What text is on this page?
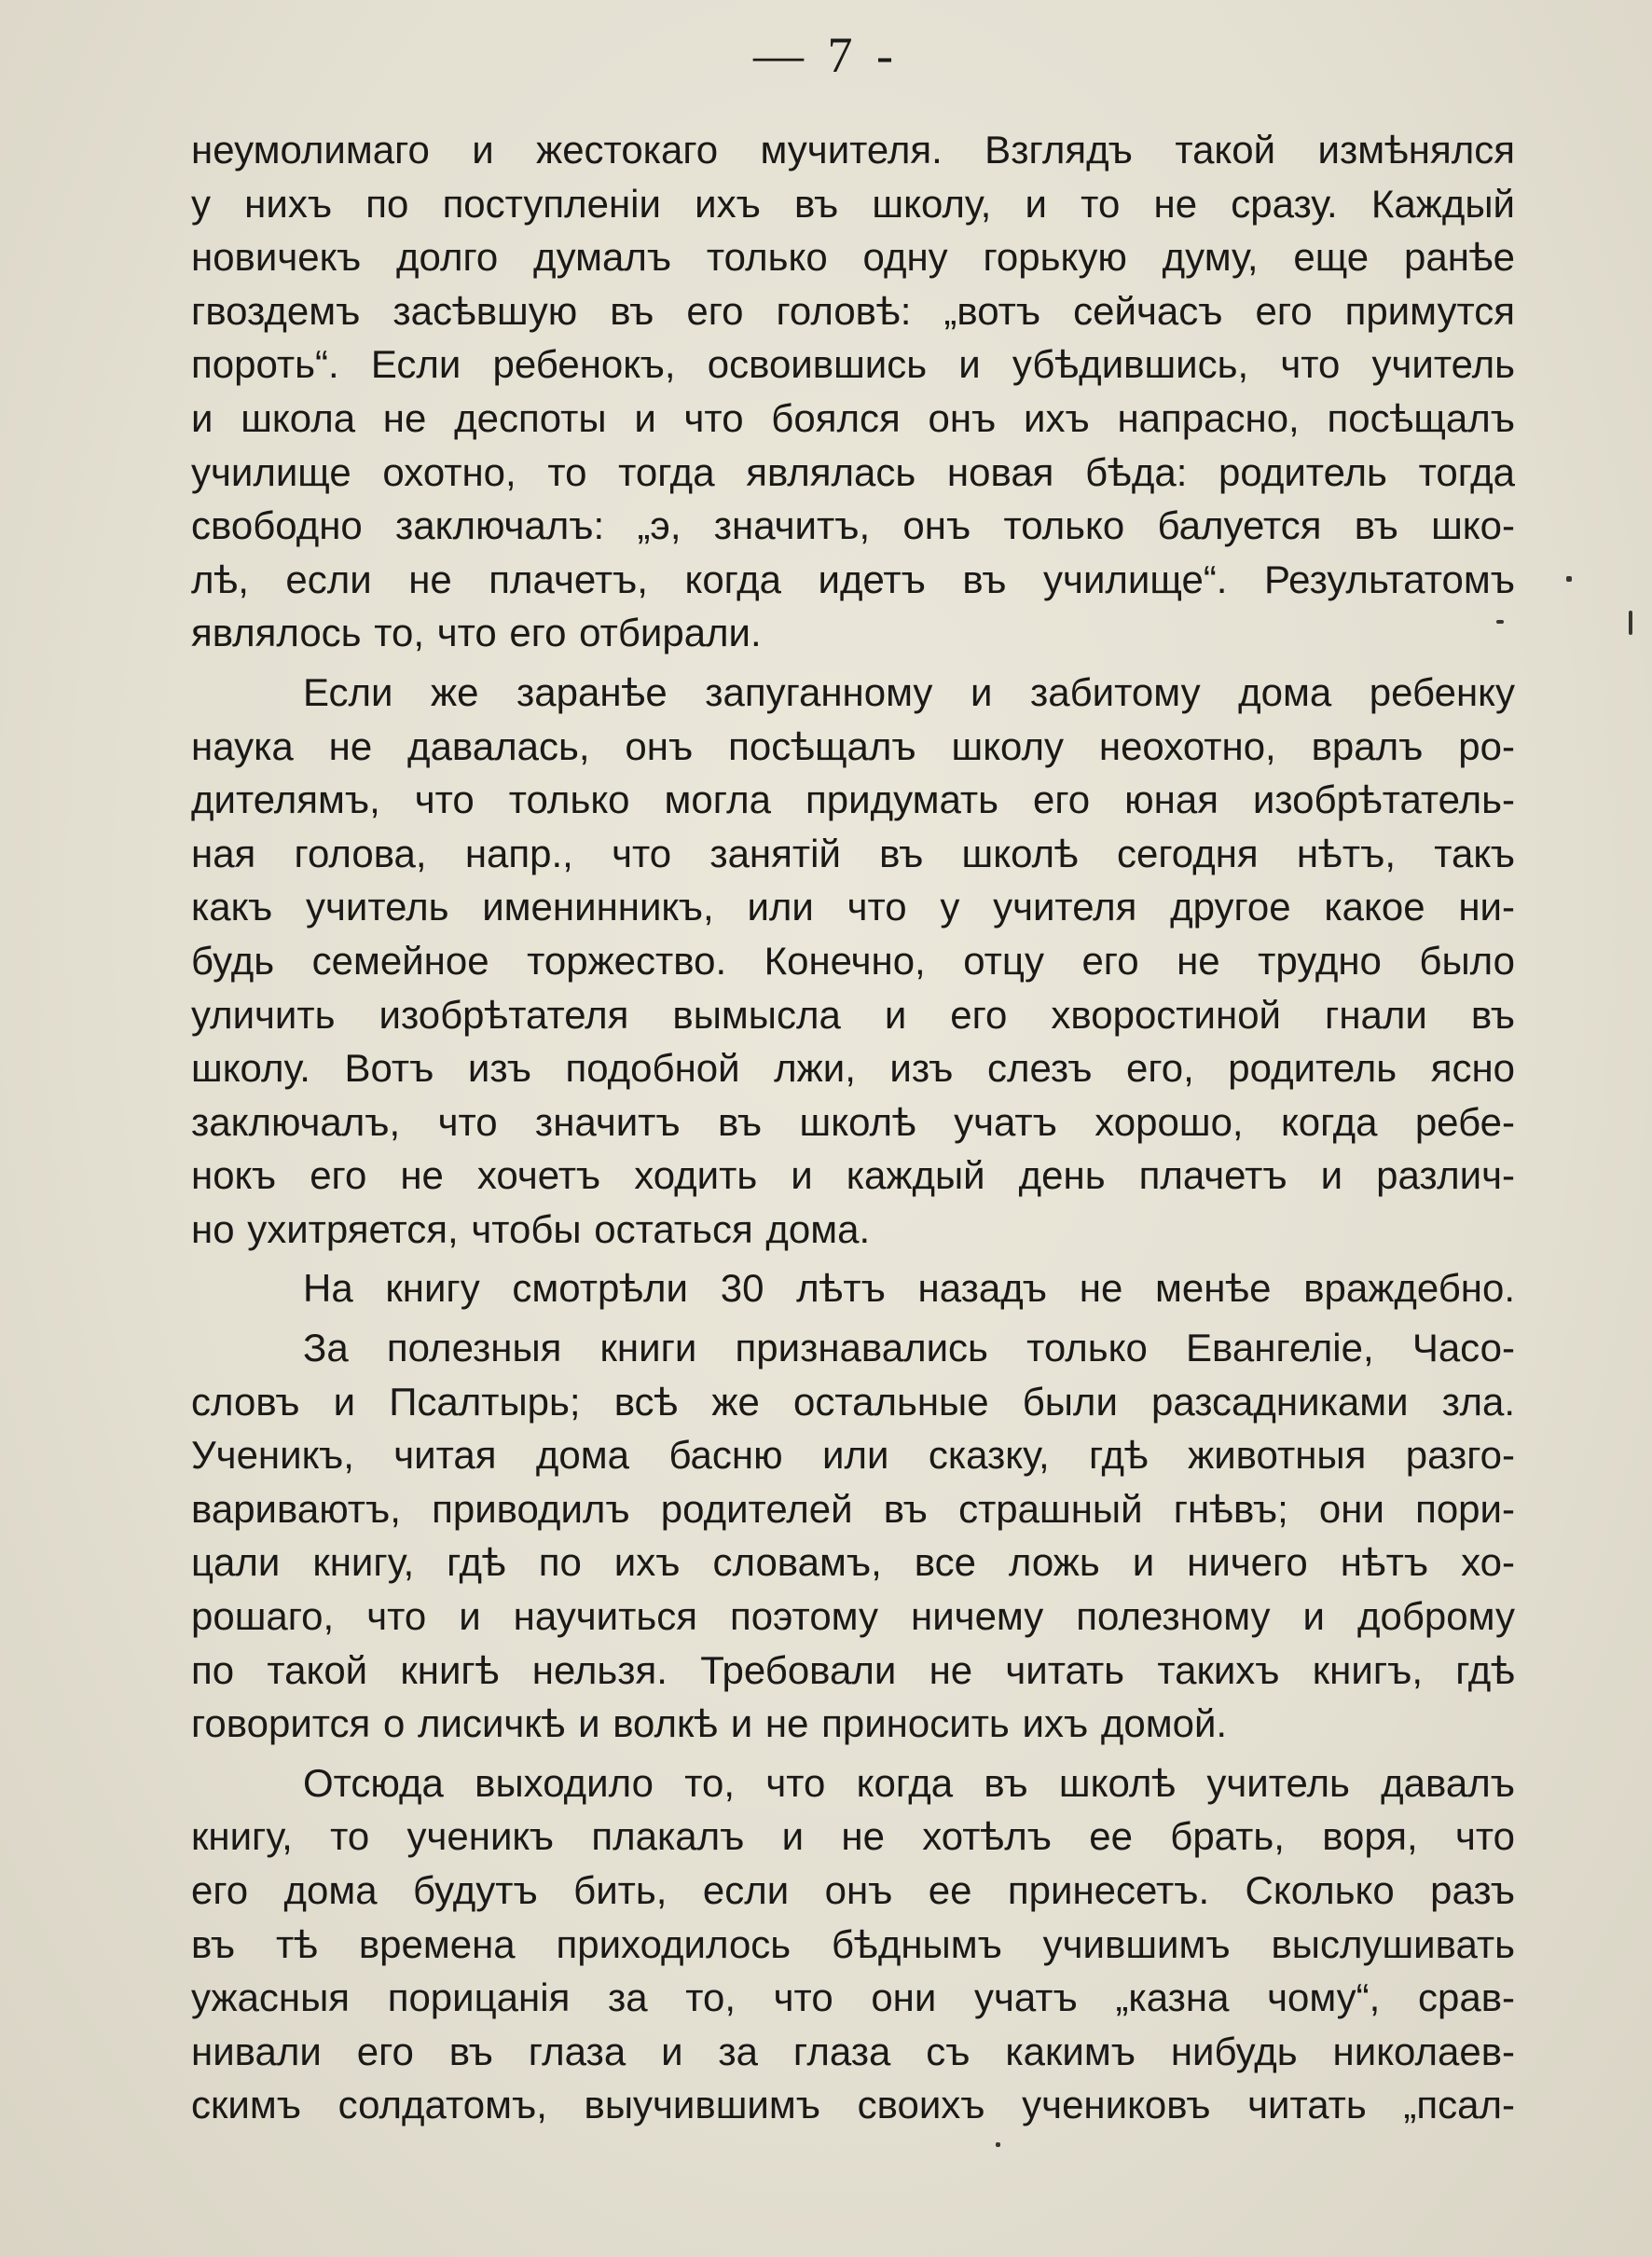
— 7 -
неумолимаго и жестокаго мучителя. Взглядъ такой измѣнялся
у нихъ по поступленіи ихъ въ школу, и то не сразу. Каждый
новичекъ долго думалъ только одну горькую думу, еще ранѣе
гвоздемъ засѣвшую въ его головѣ: „вотъ сейчасъ его примутся
пороть“. Если ребенокъ, освоившись и убѣдившись, что учитель
и школа не деспоты и что боялся онъ ихъ напрасно, посѣщалъ
училище охотно, то тогда являлась новая бѣда: родитель тогда
свободно заключалъ: „э, значитъ, онъ только балуется въ шко-
лѣ, если не плачетъ, когда идетъ въ училище“. Результатомъ
являлось то, что его отбирали.
Если же заранѣе запуганному и забитому дома ребенку
наука не давалась, онъ посѣщалъ школу неохотно, вралъ ро-
дителямъ, что только могла придумать его юная изобрѣтатель-
ная голова, напр., что занятій въ школѣ сегодня нѣтъ, такъ
какъ учитель именинникъ, или что у учителя другое какое ни-
будь семейное торжество. Конечно, отцу его не трудно было
уличить изобрѣтателя вымысла и его хворостиной гнали въ
школу. Вотъ изъ подобной лжи, изъ слезъ его, родитель ясно
заключалъ, что значитъ въ школѣ учатъ хорошо, когда ребе-
нокъ его не хочетъ ходить и каждый день плачетъ и различ-
но ухитряется, чтобы остаться дома.
На книгу смотрѣли 30 лѣтъ назадъ не менѣе враждебно.
За полезныя книги признавались только Евангеліе, Часо-
словъ и Псалтырь; всѣ же остальные были разсадниками зла.
Ученикъ, читая дома басню или сказку, гдѣ животныя разго-
вариваютъ, приводилъ родителей въ страшный гнѣвъ; они пори-
цали книгу, гдѣ по ихъ словамъ, все ложь и ничего нѣтъ хо-
рошаго, что и научиться поэтому ничему полезному и доброму
по такой книгѣ нельзя. Требовали не читать такихъ книгъ, гдѣ
говорится о лисичкѣ и волкѣ и не приносить ихъ домой.
Отсюда выходило то, что когда въ школѣ учитель давалъ
книгу, то ученикъ плакалъ и не хотѣлъ ее брать, воря, что
его дома будутъ бить, если онъ ее принесетъ. Сколько разъ
въ тѣ времена приходилось бѣднымъ учившимъ выслушивать
ужасныя порицанія за то, что они учатъ „казна чому“, срав-
нивали его въ глаза и за глаза съ какимъ нибудь николаев-
скимъ солдатомъ, выучившимъ своихъ учениковъ читать „псал-
